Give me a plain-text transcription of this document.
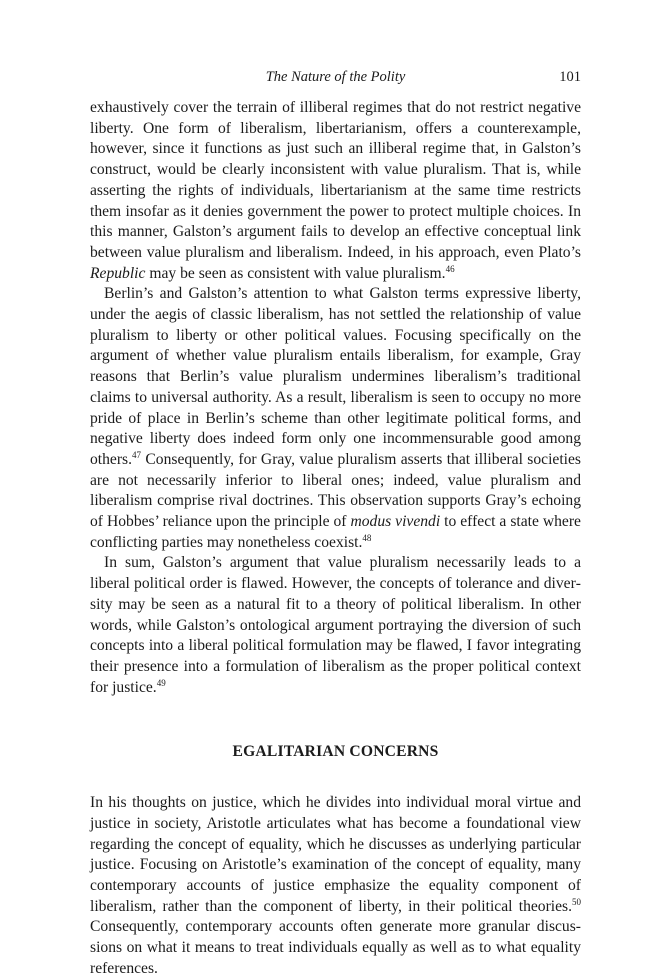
The Nature of the Polity	101

exhaustively cover the terrain of illiberal regimes that do not restrict negative liberty. One form of liberalism, libertarianism, offers a counterexample, however, since it functions as just such an illiberal regime that, in Galston’s construct, would be clearly inconsistent with value pluralism. That is, while asserting the rights of individuals, libertarianism at the same time restricts them insofar as it denies government the power to protect multiple choices. In this manner, Galston’s argument fails to develop an effective conceptual link between value pluralism and liberalism. Indeed, in his approach, even Plato’s Republic may be seen as consistent with value pluralism.$^{46}$

Berlin’s and Galston’s attention to what Galston terms expressive liberty, under the aegis of classic liberalism, has not settled the relationship of value pluralism to liberty or other political values. Focusing specifically on the argument of whether value pluralism entails liberalism, for example, Gray reasons that Berlin’s value pluralism undermines liberalism’s traditional claims to universal authority. As a result, liberalism is seen to occupy no more pride of place in Berlin’s scheme than other legitimate political forms, and negative liberty does indeed form only one incommensurable good among others.$^{47}$ Consequently, for Gray, value pluralism asserts that illiberal societies are not necessarily inferior to liberal ones; indeed, value pluralism and liberalism comprise rival doctrines. This observation supports Gray’s echoing of Hobbes’ reliance upon the principle of modus vivendi to effect a state where conflicting parties may nonetheless coexist.$^{48}$

In sum, Galston’s argument that value pluralism necessarily leads to a liberal political order is flawed. However, the concepts of tolerance and diversity may be seen as a natural fit to a theory of political liberalism. In other words, while Galston’s ontological argument portraying the diversion of such concepts into a liberal political formulation may be flawed, I favor integrating their presence into a formulation of liberalism as the proper political context for justice.$^{49}$

EGALITARIAN CONCERNS

In his thoughts on justice, which he divides into individual moral virtue and justice in society, Aristotle articulates what has become a foundational view regarding the concept of equality, which he discusses as underlying particular justice. Focusing on Aristotle’s examination of the concept of equality, many contemporary accounts of justice emphasize the equality component of liberalism, rather than the component of liberty, in their political theories.$^{50}$ Consequently, contemporary accounts often generate more granular discussions on what it means to treat individuals equally as well as to what equality references.
